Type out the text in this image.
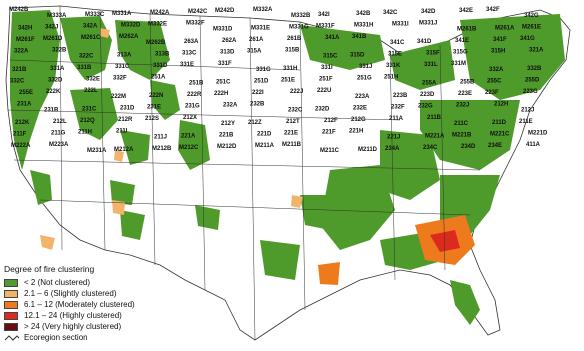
M242B
M333A	M333C M331A	M242A	M242C M242D	M332A
M332B 342I	342B 342C	342D	342E 342F
342G
342H 342J	342A	M332D M332E	M332F
M331D	M331E	M331G M331F	M331H	M331I M331J
M261B	M261A M261E
M261F M261D	M261C	M262A
M262B	263A	262A 261A	261B	341A 341B
341C 341D	341E	341F 341G
322A	322B
322C	313A	313B 313C	313D 315A	315B
315C 315D	315E	315F 315G	315H	321A
321B	331A 331B	331C	331D 331E	331F
331G 331H	331I	331J 331K	331L 331M
332A	332B
332C	332D	332E 332F	251A
251B 251C	251D 251E	251F	251G 251H
255A	255B 255C	255D
255E 222K	222L
222M	222N	222R 222H	222I	222J 222U
223A	223B 223D	223E 223F	223G
231A
231B	231C	231D 231E	231G	232A 232B
232C 232D	232E	232F 232G	232J	212H
212J
212K	212L 212Q	212R 212S	212X
212Y 212Z	212T	212F 212G	211A	211B
211C	211D 211E
211F	211G 211H	211I
211J 221A	221B	221D 221E	221F 221H
221J	M221A M221B	M221C	M221D
M222A	M223A
M231A M212A	M212B M212C	M212D	M211A M211B
M211C	M211D 234A	234C	234D 234E	411A
Degree of fire clustering
< 2 (Not clustered)
2.1 – 6 (Slightly clustered)
6.1 – 12 (Moderately clustered)
12.1 – 24 (Highly clustered)
> 24 (Very highly clustered)
Ecoregion section
